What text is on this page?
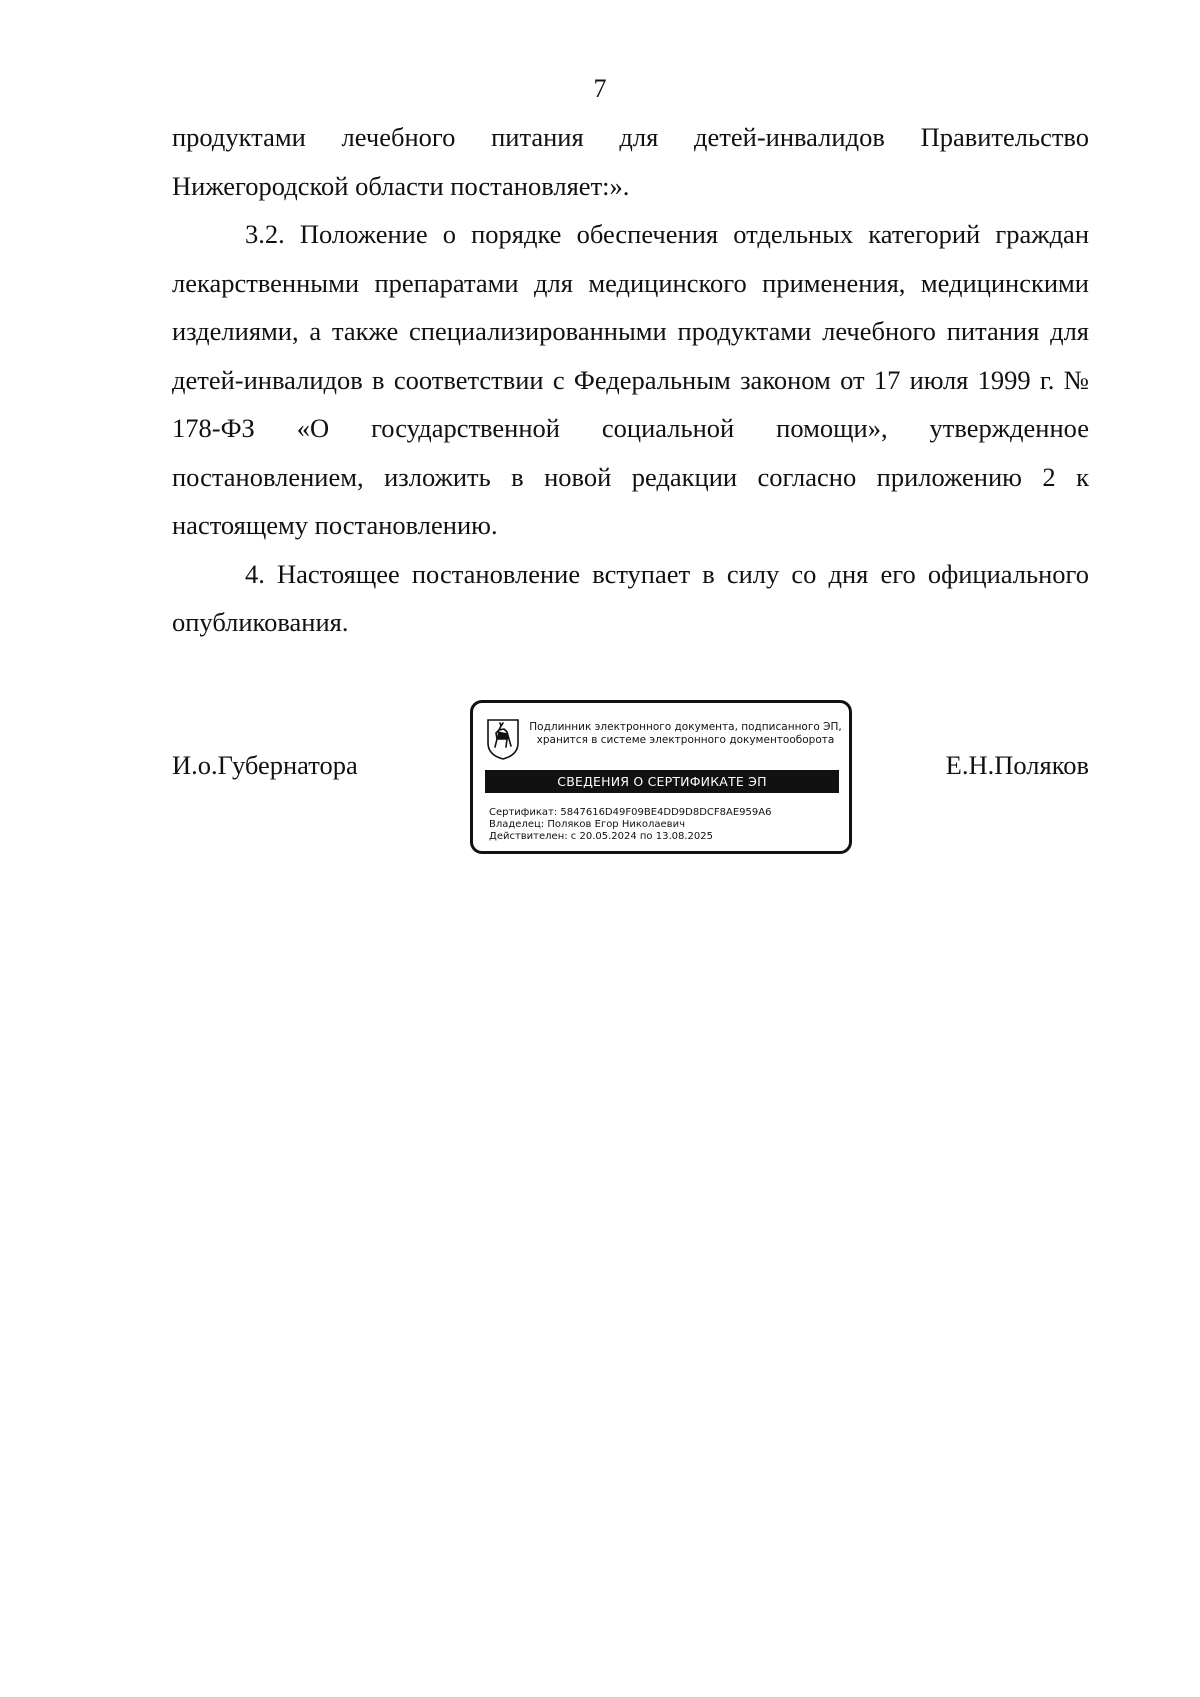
7

продуктами лечебного питания для детей-инвалидов Правительство Нижегородской области постановляет:».

3.2. Положение о порядке обеспечения отдельных категорий граждан лекарственными препаратами для медицинского применения, медицинскими изделиями, а также специализированными продуктами лечебного питания для детей-инвалидов в соответствии с Федеральным законом от 17 июля 1999 г. № 178-ФЗ «О государственной социальной помощи», утвержденное постановлением, изложить в новой редакции согласно приложению 2 к настоящему постановлению.

4. Настоящее постановление вступает в силу со дня его официального опубликования.

И.о.Губернатора
Подлинник электронного документа, подписанного ЭП,
хранится в системе электронного документооборота
СВЕДЕНИЯ О СЕРТИФИКАТЕ ЭП
Сертификат: 5847616D49F09BE4DD9D8DCF8AE959A6
Владелец: Поляков Егор Николаевич
Действителен: с 20.05.2024 по 13.08.2025
Е.Н.Поляков
